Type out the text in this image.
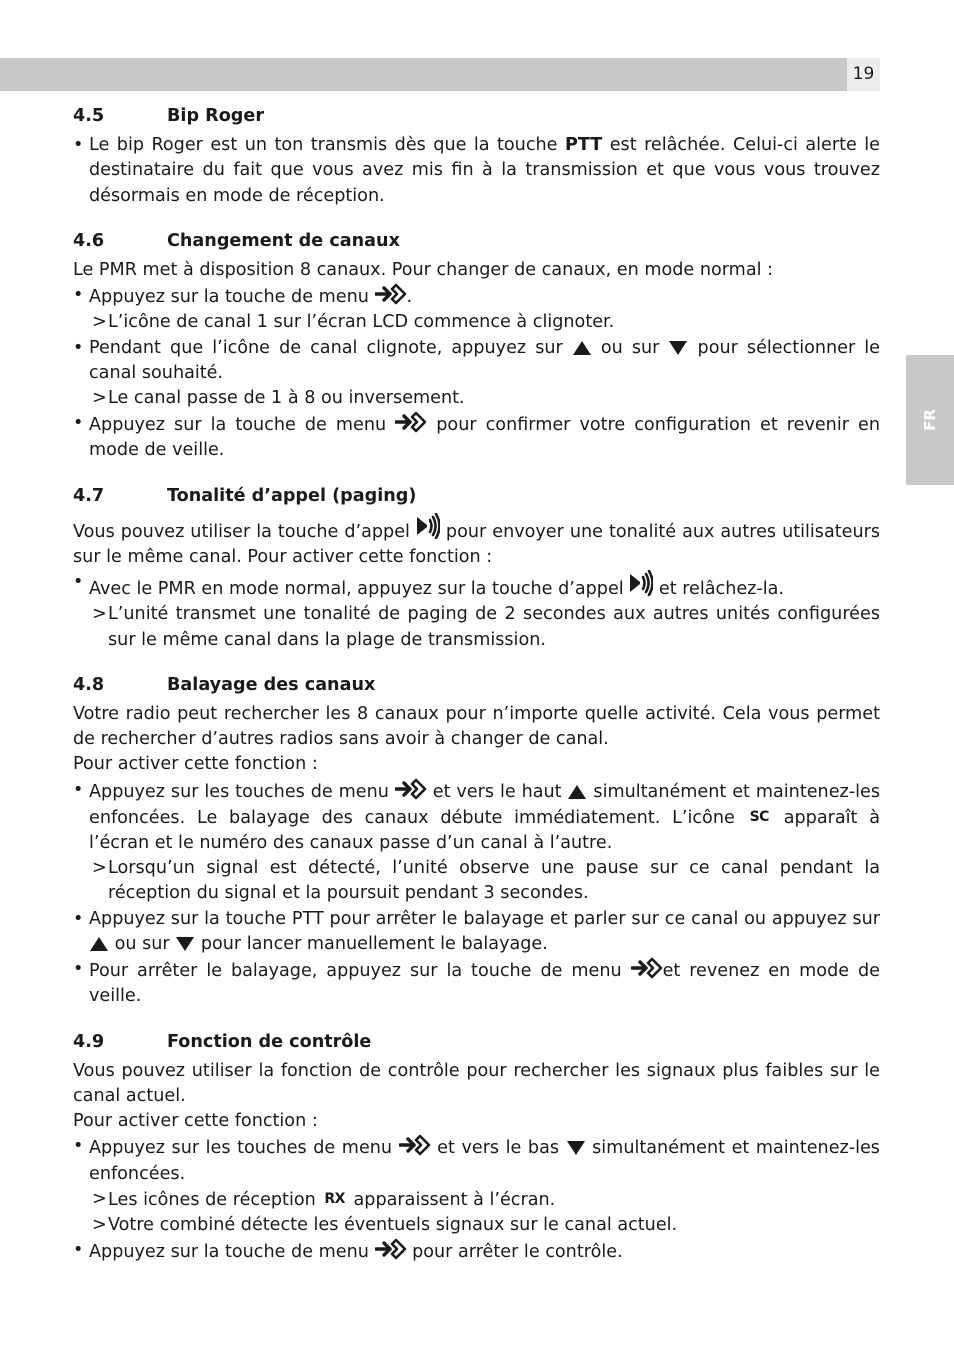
19
FR
4.5	Bip Roger
• Le bip Roger est un ton transmis dès que la touche PTT est relâchée. Celui-ci alerte le destinataire du fait que vous avez mis fin à la transmission et que vous vous trouvez désormais en mode de réception.
4.6	Changement de canaux

Le PMR met à disposition 8 canaux. Pour changer de canaux, en mode normal :

• Appuyez sur la touche de menu .
> L’icône de canal 1 sur l’écran LCD commence à clignoter.
• Pendant que l’icône de canal clignote, appuyez sur  ou sur  pour sélectionner le canal souhaité.
> Le canal passe de 1 à 8 ou inversement.
• Appuyez sur la touche de menu  pour confirmer votre configuration et revenir en mode de veille.
4.7	Tonalité d’appel (paging)

Vous pouvez utiliser la touche d’appel  pour envoyer une tonalité aux autres utilisateurs sur le même canal. Pour activer cette fonction :

• Avec le PMR en mode normal, appuyez sur la touche d’appel  et relâchez-la.
> L’unité transmet une tonalité de paging de 2 secondes aux autres unités configurées sur le même canal dans la plage de transmission.
4.8	Balayage des canaux

Votre radio peut rechercher les 8 canaux pour n’importe quelle activité. Cela vous permet de rechercher d’autres radios sans avoir à changer de canal.

Pour activer cette fonction :

• Appuyez sur les touches de menu  et vers le haut  simultanément et maintenez-les enfoncées. Le balayage des canaux débute immédiatement. L’icône SC apparaît à l’écran et le numéro des canaux passe d’un canal à l’autre.
> Lorsqu’un signal est détecté, l’unité observe une pause sur ce canal pendant la réception du signal et la poursuit pendant 3 secondes.
• Appuyez sur la touche PTT pour arrêter le balayage et parler sur ce canal ou appuyez sur  ou sur  pour lancer manuellement le balayage.
• Pour arrêter le balayage, appuyez sur la touche de menu et revenez en mode de veille.
4.9	Fonction de contrôle

Vous pouvez utiliser la fonction de contrôle pour rechercher les signaux plus faibles sur le canal actuel.

Pour activer cette fonction :

• Appuyez sur les touches de menu  et vers le bas  simultanément et maintenez-les enfoncées.
> Les icônes de réception RX apparaissent à l’écran.
> Votre combiné détecte les éventuels signaux sur le canal actuel.
• Appuyez sur la touche de menu  pour arrêter le contrôle.
